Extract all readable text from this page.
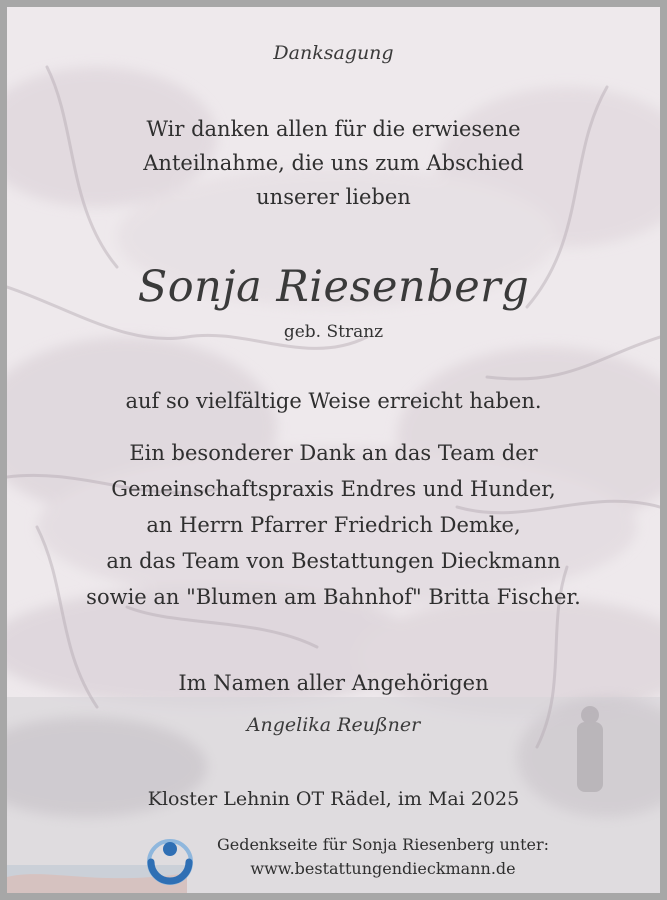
Danksagung
Wir danken allen für die erwiesene
Anteilnahme, die uns zum Abschied
unserer lieben
Sonja Riesenberg
geb. Stranz
auf so vielfältige Weise erreicht haben.
Ein besonderer Dank an das Team der
Gemeinschaftspraxis Endres und Hunder,
an Herrn Pfarrer Friedrich Demke,
an das Team von Bestattungen Dieckmann
sowie an "Blumen am Bahnhof" Britta Fischer.
Im Namen aller Angehörigen
Angelika Reußner
Kloster Lehnin OT Rädel, im Mai 2025
Gedenkseite für Sonja Riesenberg unter:
www.bestattungendieckmann.de
